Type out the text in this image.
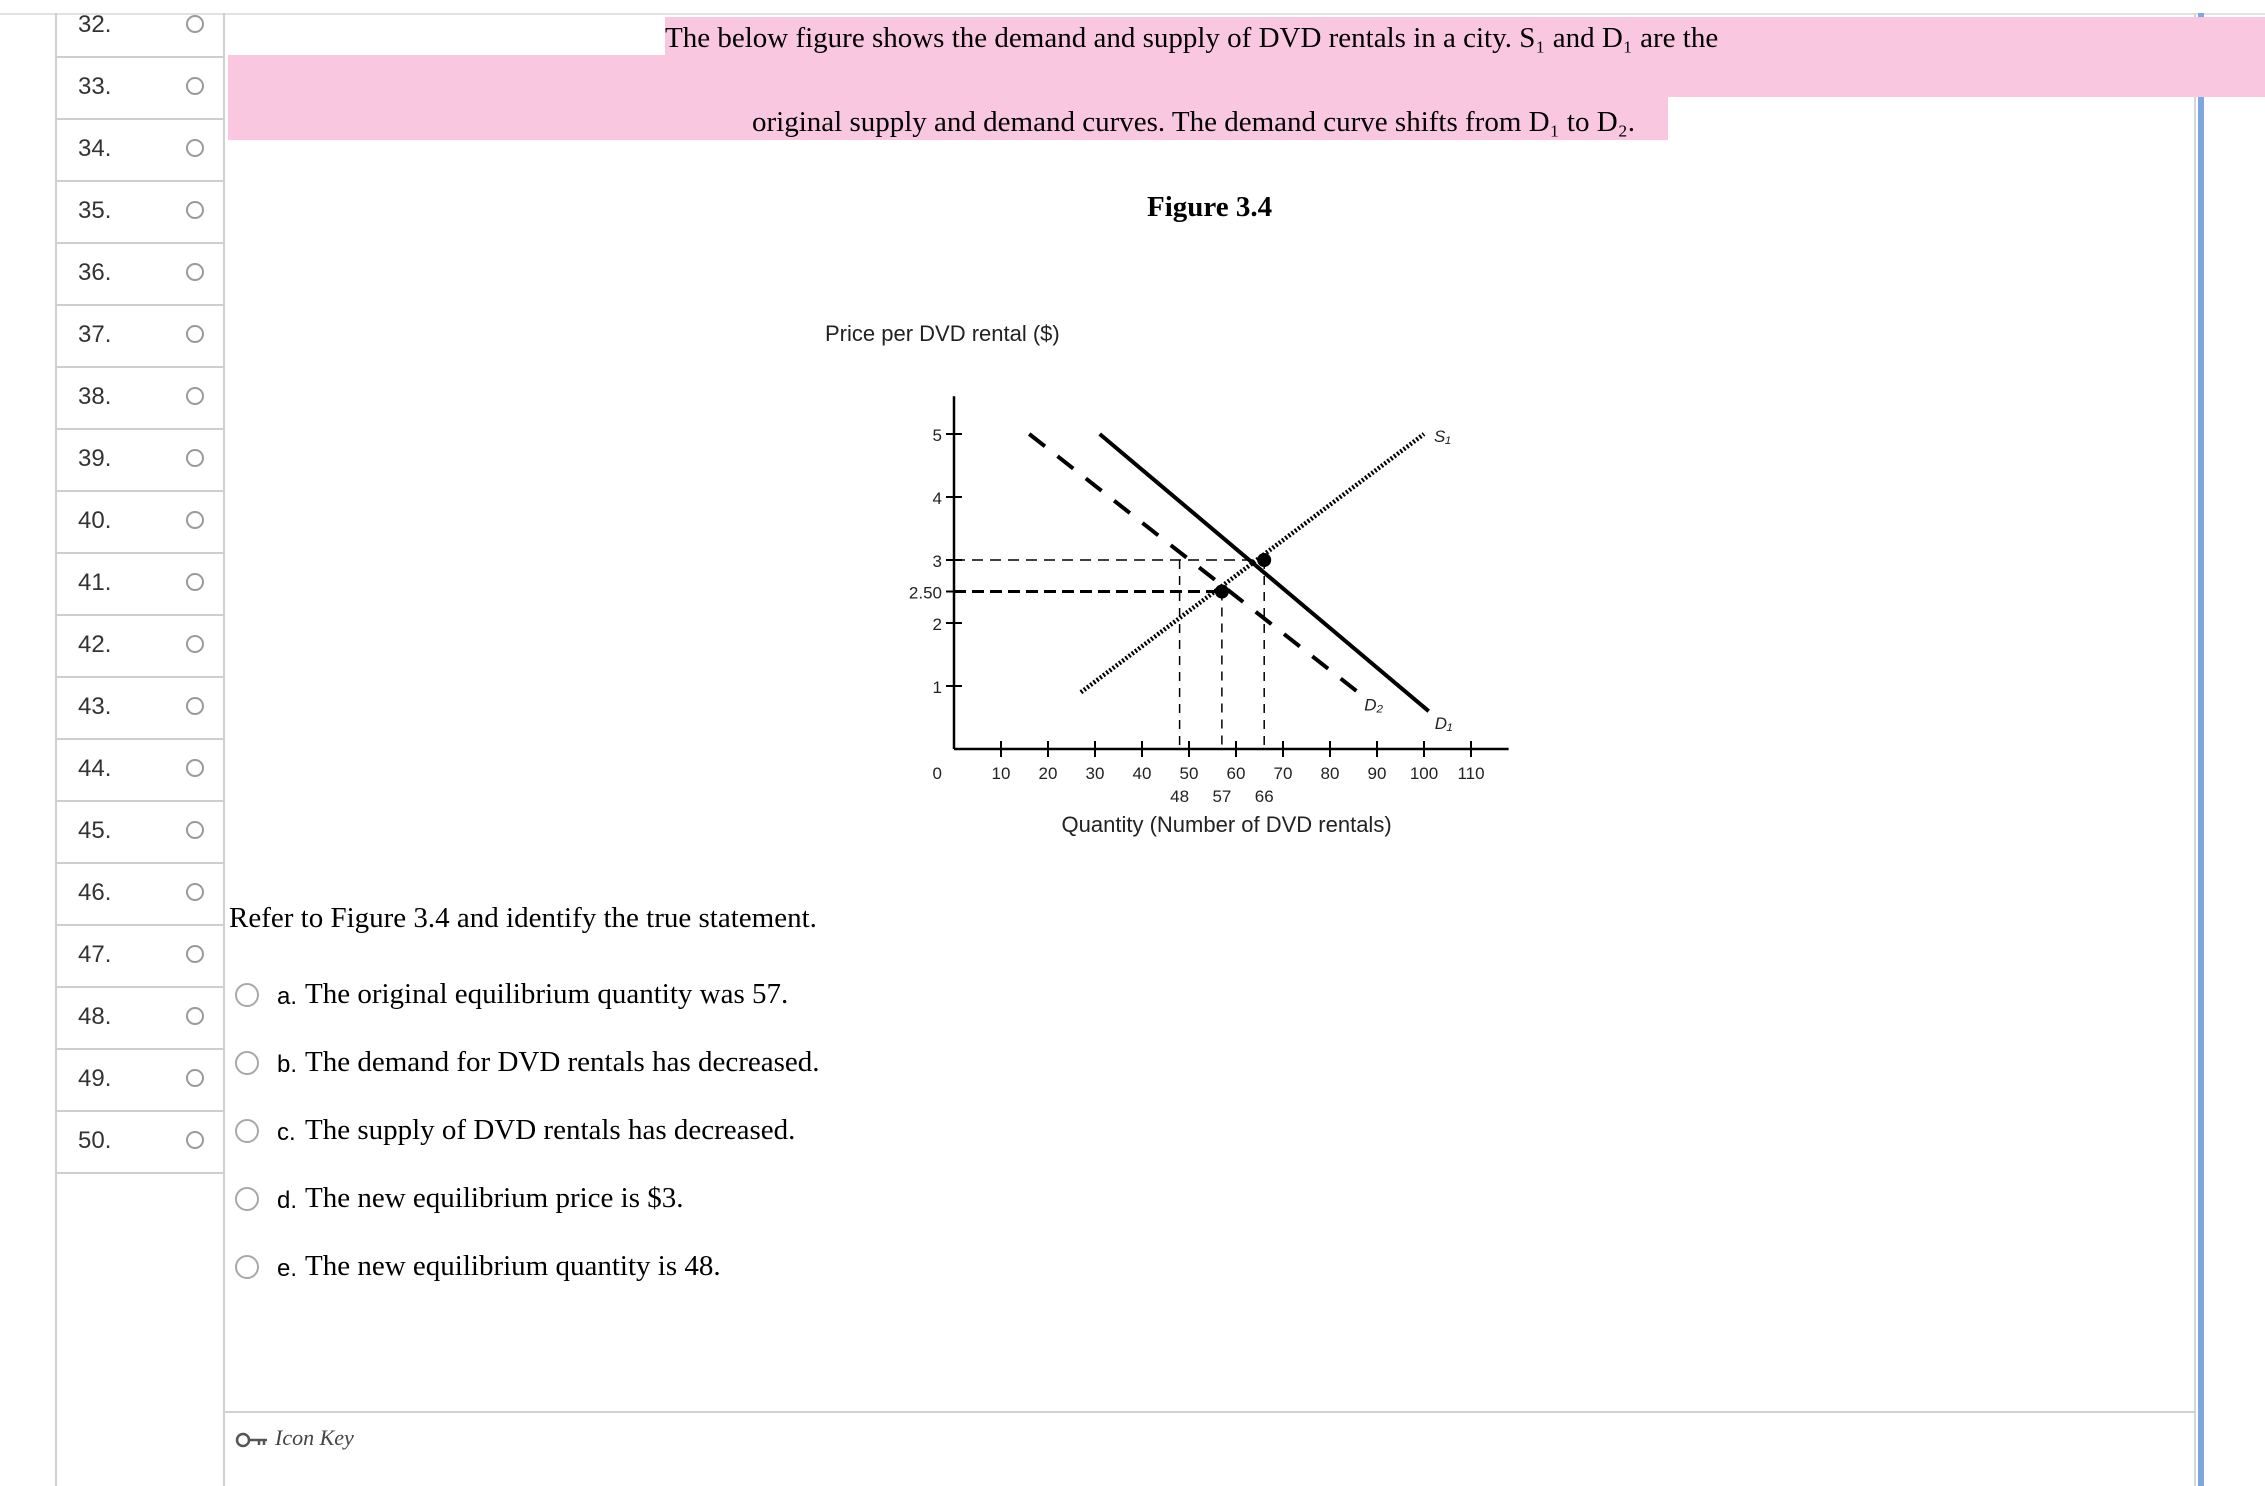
32.
33.
34.
35.
36.
37.
38.
39.
40.
41.
42.
43.
44.
45.
46.
47.
48.
49.
50.
The below figure shows the demand and supply of DVD rentals in a city. S₁ and D₁ are the
original supply and demand curves. The demand curve shifts from D₁ to D₂.
Figure 3.4
Price per DVD rental ($)
Quantity (Number of DVD rentals)
1
2
2.50
3
4
5
0	10 20 30 40 50 60 70 80 90 100 110
48 57 66
S₁
D₁
D₂
Refer to Figure 3.4 and identify the true statement.
a. The original equilibrium quantity was 57.
b. The demand for DVD rentals has decreased.
c. The supply of DVD rentals has decreased.
d. The new equilibrium price is $3.
e. The new equilibrium quantity is 48.
Icon Key
